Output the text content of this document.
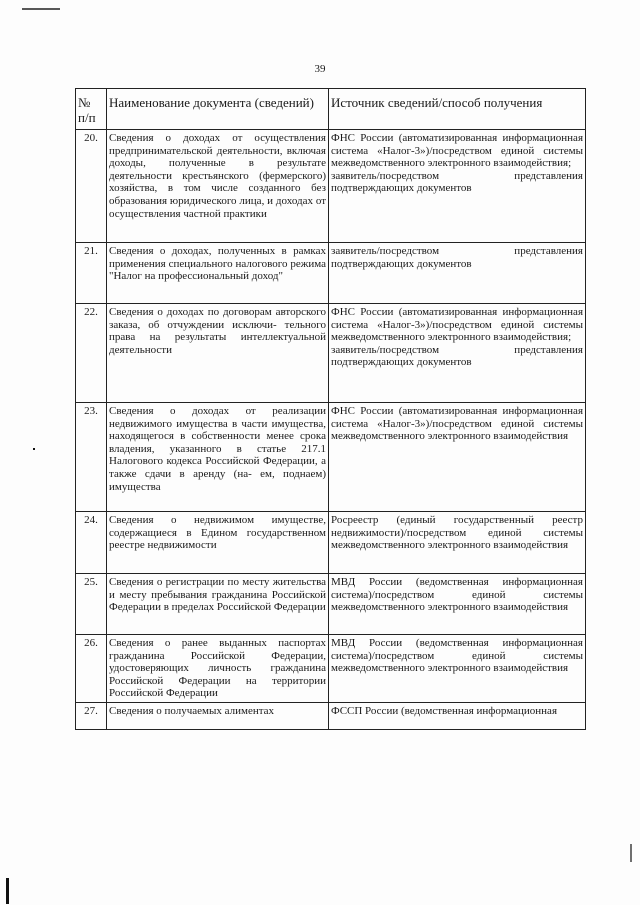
39
№ п/п	Наименование документа (сведений)	Источник сведений/способ получения
20.	Сведения о доходах от осуществления предпринимательской деятельности, включая доходы, полученные в результате деятельности крестьянского (фермерского) хозяйства, в том числе созданного без образования юридического лица, и доходах от осуществления частной практики	ФНС России (автоматизированная информационная система «Налог-3»)/посредством единой системы межведомственного электронного взаимодействия;
заявитель/посредством представления подтверждающих документов

21.	Сведения о доходах, полученных в рамках применения специального налогового режима "Налог на профессиональный доход"	заявитель/посредством представления подтверждающих документов

22.	Сведения о доходах по договорам авторского заказа, об отчуждении исключи- тельного права на результаты интеллектуальной деятельности	ФНС России (автоматизированная информационная система «Налог-3»)/посредством единой системы межведомственного электронного взаимодействия;
заявитель/посредством представления подтверждающих документов

23.	Сведения о доходах от реализации недвижимого имущества в части имущества, находящегося в собственности менее срока владения, указанного в статье 217.1 Налогового кодекса Российской Федерации, а также сдачи в аренду (на- ем, поднаем) имущества	ФНС России (автоматизированная информационная система «Налог-3»)/посредством единой системы межведомственного электронного взаимодействия

24.	Сведения о недвижимом имуществе, содержащиеся в Едином государственном реестре недвижимости	Росреестр (единый государственный реестр недвижимости)/посредством единой системы межведомственного электронного взаимодействия

25.	Сведения о регистрации по месту жительства и месту пребывания гражданина Российской Федерации в пределах Российской Федерации	МВД России (ведомственная информационная система)/посредством единой системы межведомственного электронного взаимодействия

26.	Сведения о ранее выданных паспортах гражданина Российской Федерации, удостоверяющих личность гражданина Российской Федерации на территории Российской Федерации	МВД России (ведомственная информационная система)/посредством единой системы межведомственного электронного взаимодействия

27.	Сведения о получаемых алиментах	ФССП России (ведомственная информационная
